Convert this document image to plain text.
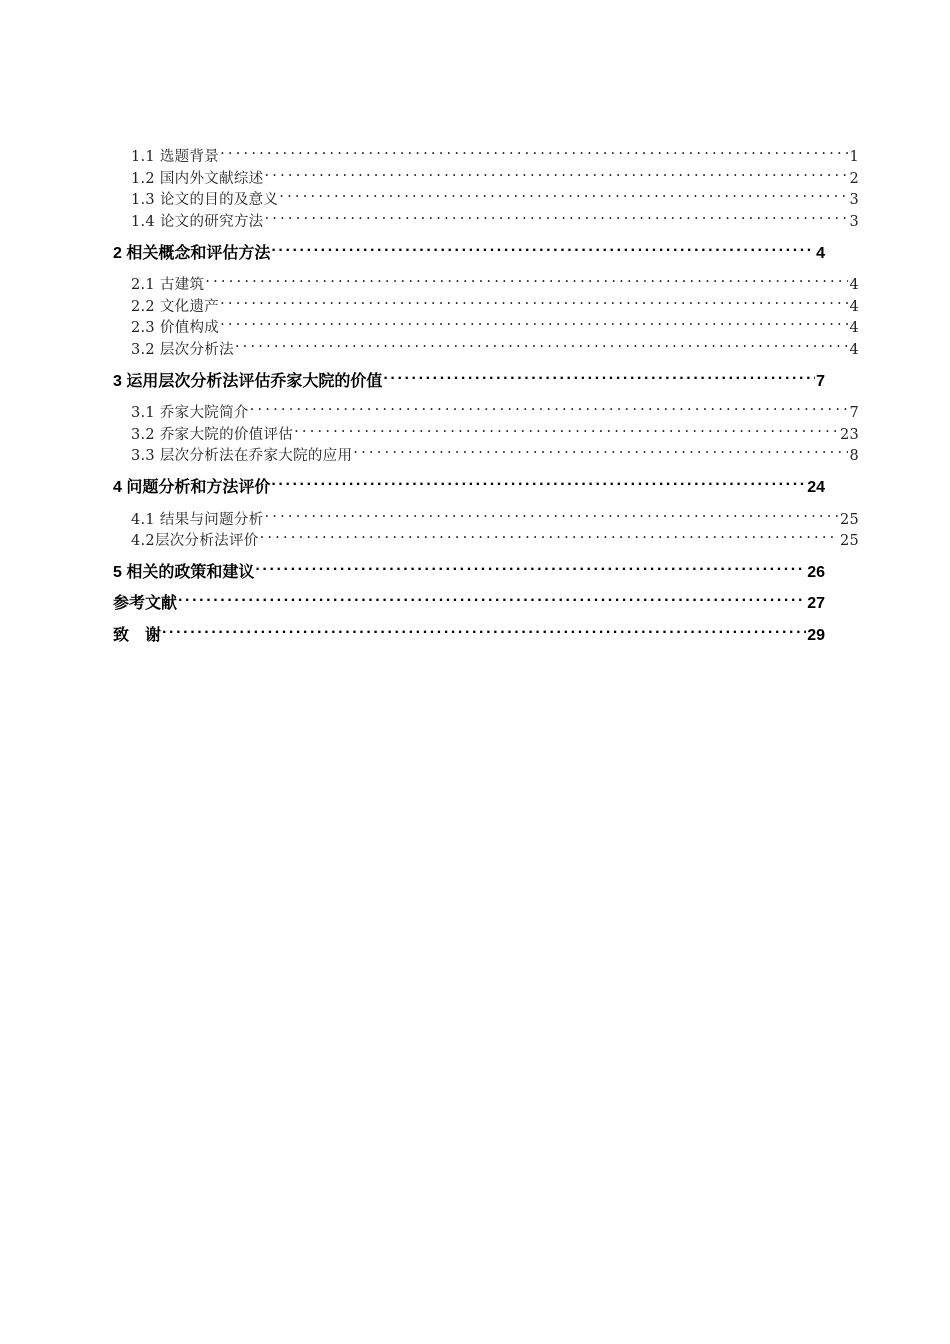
1.1 选题背景 .....	1
1.2 国内外文献综述 .....	2
1.3 论文的目的及意义 .....	3
1.4 论文的研究方法 .....	3
2 相关概念和评估方法 .....	4
2.1 古建筑 .....	4
2.2 文化遗产 .....	4
2.3 价值构成 .....	4
3.2 层次分析法 .....	4
3 运用层次分析法评估乔家大院的价值 .....	7
3.1 乔家大院简介 .....	7
3.2 乔家大院的价值评估 .....	23
3.3 层次分析法在乔家大院的应用 .....	8
4 问题分析和方法评价 .....	24
4.1 结果与问题分析 .....	25
4.2层次分析法评价 .....	25
5 相关的政策和建议 .....	26
参考文献 .....	27
致　谢 .....	29
